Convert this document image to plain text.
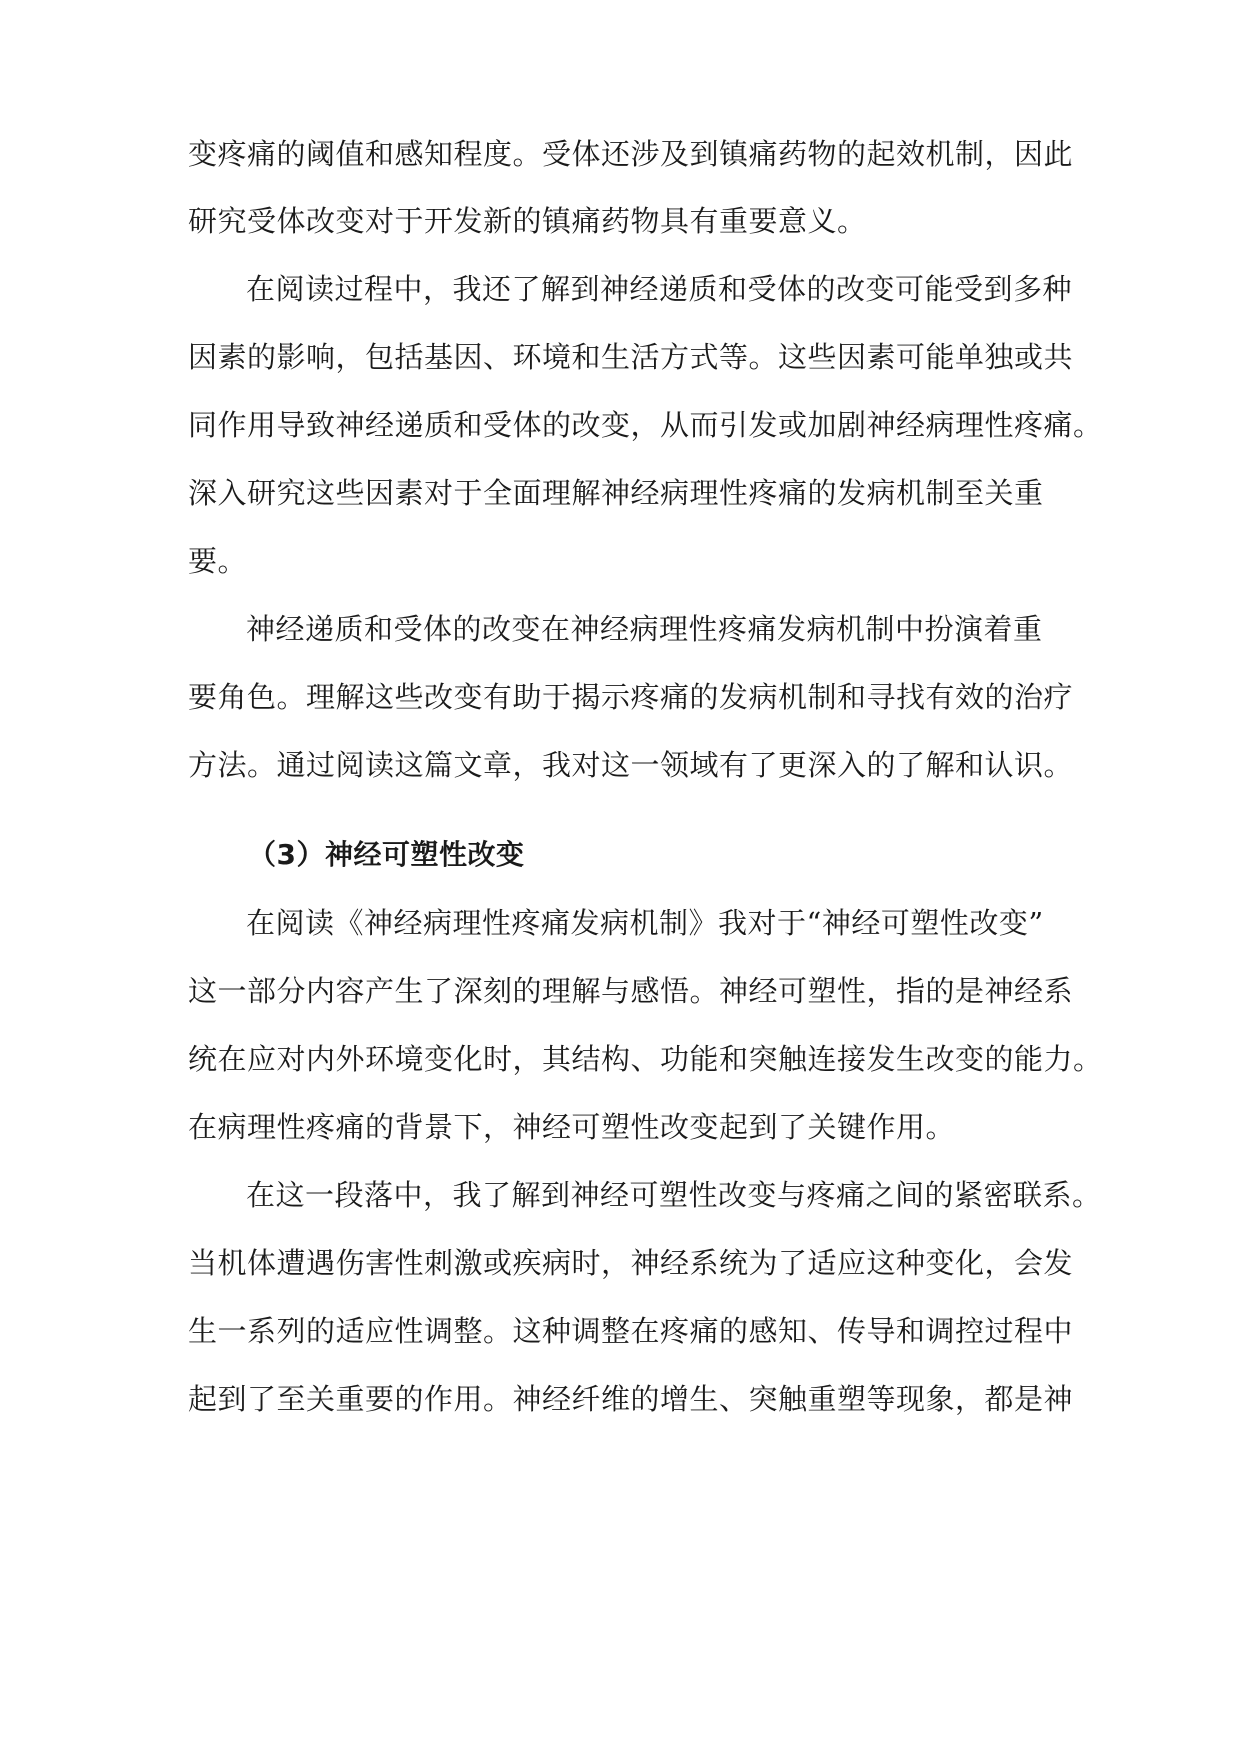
变疼痛的阈值和感知程度。受体还涉及到镇痛药物的起效机制，因此
研究受体改变对于开发新的镇痛药物具有重要意义。
在阅读过程中，我还了解到神经递质和受体的改变可能受到多种
因素的影响，包括基因、环境和生活方式等。这些因素可能单独或共
同作用导致神经递质和受体的改变，从而引发或加剧神经病理性疼痛。
深入研究这些因素对于全面理解神经病理性疼痛的发病机制至关重
要。
神经递质和受体的改变在神经病理性疼痛发病机制中扮演着重
要角色。理解这些改变有助于揭示疼痛的发病机制和寻找有效的治疗
方法。通过阅读这篇文章，我对这一领域有了更深入的了解和认识。
（3）神经可塑性改变
在阅读《神经病理性疼痛发病机制》我对于“神经可塑性改变”
这一部分内容产生了深刻的理解与感悟。神经可塑性，指的是神经系
统在应对内外环境变化时，其结构、功能和突触连接发生改变的能力。
在病理性疼痛的背景下，神经可塑性改变起到了关键作用。
在这一段落中，我了解到神经可塑性改变与疼痛之间的紧密联系。
当机体遭遇伤害性刺激或疾病时，神经系统为了适应这种变化，会发
生一系列的适应性调整。这种调整在疼痛的感知、传导和调控过程中
起到了至关重要的作用。神经纤维的增生、突触重塑等现象，都是神
